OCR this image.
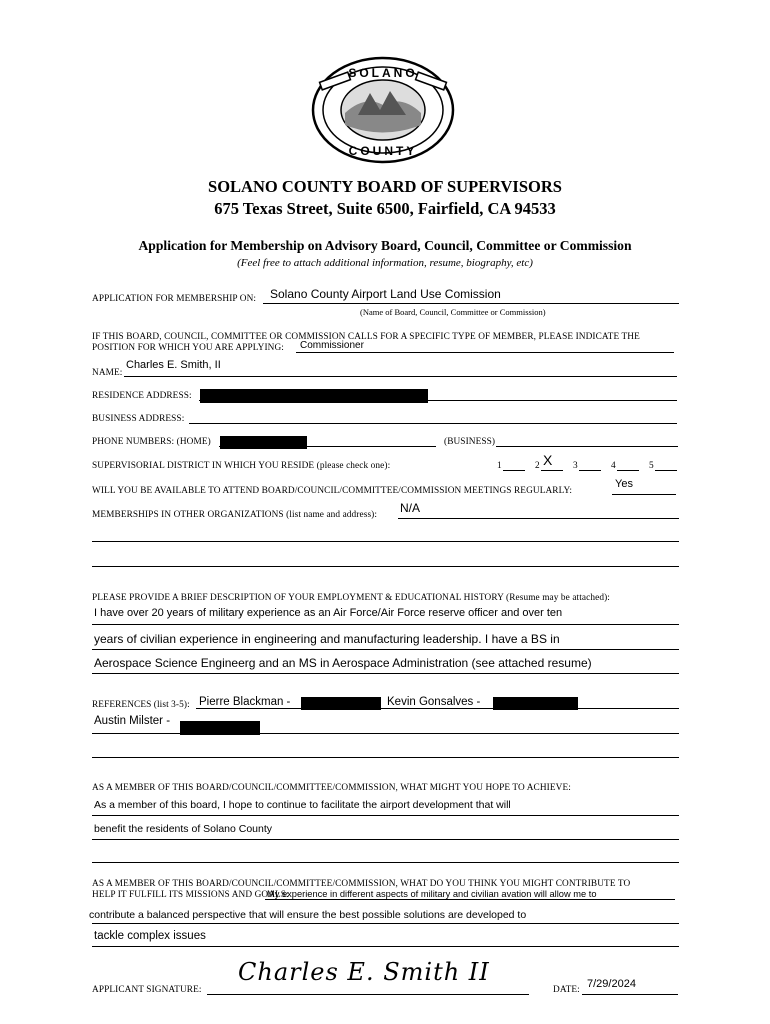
SOLANO
COUNTY
SOLANO COUNTY BOARD OF SUPERVISORS
675 Texas Street, Suite 6500, Fairfield, CA 94533
Application for Membership on Advisory Board, Council, Committee or Commission
(Feel free to attach additional information, resume, biography, etc)
APPLICATION FOR MEMBERSHIP ON: Solano County Airport Land Use Comission
(Name of Board, Council, Committee or Commission)
IF THIS BOARD, COUNCIL, COMMITTEE OR COMMISSION CALLS FOR A SPECIFIC TYPE OF MEMBER, PLEASE INDICATE THE
POSITION FOR WHICH YOU ARE APPLYING: Commissioner
NAME:
Charles E. Smith, II
RESIDENCE ADDRESS:
BUSINESS ADDRESS:
PHONE NUMBERS: (HOME)	(BUSINESS)
SUPERVISORIAL DISTRICT IN WHICH YOU RESIDE (please check one):	1	2 X 3	4	5
WILL YOU BE AVAILABLE TO ATTEND BOARD/COUNCIL/COMMITTEE/COMMISSION MEETINGS REGULARLY:
Yes
MEMBERSHIPS IN OTHER ORGANIZATIONS (list name and address): N/A
PLEASE PROVIDE A BRIEF DESCRIPTION OF YOUR EMPLOYMENT & EDUCATIONAL HISTORY (Resume may be attached):
I have over 20 years of military experience as an Air Force/Air Force reserve officer and over ten
years of civilian experience in engineering and manufacturing leadership. I have a BS in
Aerospace Science Engineerg and an MS in Aerospace Administration (see attached resume)
REFERENCES (list 3-5): Pierre Blackman -	Kevin Gonsalves -
Austin Milster -
AS A MEMBER OF THIS BOARD/COUNCIL/COMMITTEE/COMMISSION, WHAT MIGHT YOU HOPE TO ACHIEVE:
As a member of this board, I hope to continue to facilitate the airport development that will
benefit the residents of Solano County
AS A MEMBER OF THIS BOARD/COUNCIL/COMMITTEE/COMMISSION, WHAT DO YOU THINK YOU MIGHT CONTRIBUTE TO
HELP IT FULFILL ITS MISSIONS AND GOALS:
My experience in different aspects of military and civilian avation will allow me to
contribute a balanced perspective that will ensure the best possible solutions are developed to
tackle complex issues
APPLICANT SIGNATURE:
Charles E. Smith II
DATE: 7/29/2024
